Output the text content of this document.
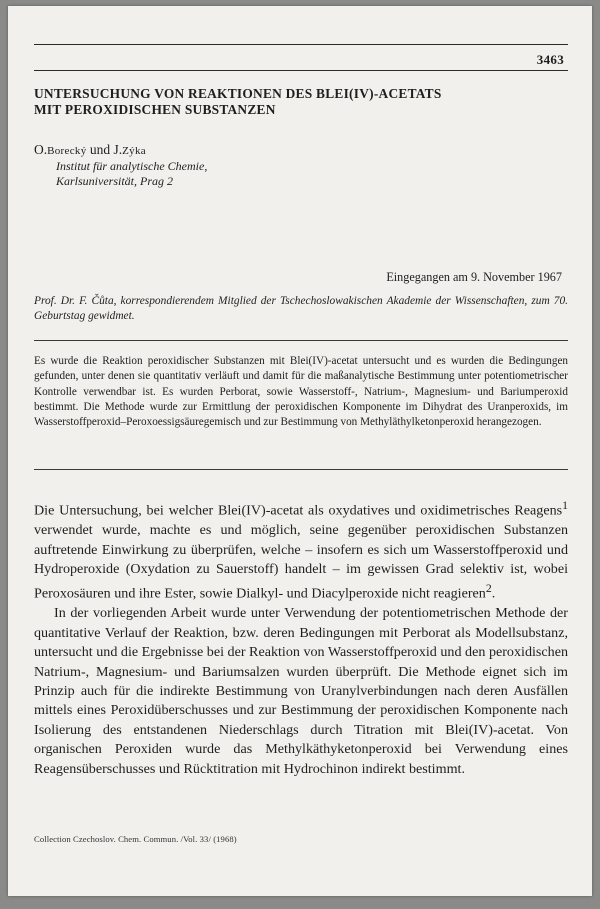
3463
UNTERSUCHUNG VON REAKTIONEN DES BLEI(IV)-ACETATS
MIT PEROXIDISCHEN SUBSTANZEN
O.Borecký und J.Zýka
Institut für analytische Chemie,
Karlsuniversität, Prag 2
Eingegangen am 9. November 1967
Prof. Dr. F. Čůta, korrespondierendem Mitglied der Tschechoslowakischen Akademie der Wissenschaften, zum 70. Geburtstag gewidmet.

Es wurde die Reaktion peroxidischer Substanzen mit Blei(IV)-acetat untersucht und es wurden die Bedingungen gefunden, unter denen sie quantitativ verläuft und damit für die maßanalytische Bestimmung unter potentiometrischer Kontrolle verwendbar ist. Es wurden Perborat, sowie Wasserstoff-, Natrium-, Magnesium- und Bariumperoxid bestimmt. Die Methode wurde zur Ermittlung der peroxidischen Komponente im Dihydrat des Uranperoxids, im Wasserstoffperoxid–Peroxoessigsäuregemisch und zur Bestimmung von Methyläthylketonperoxid herangezogen.

Die Untersuchung, bei welcher Blei(IV)-acetat als oxydatives und oxidimetrisches Reagens$^1$ verwendet wurde, machte es und möglich, seine gegenüber peroxidischen Substanzen auftretende Einwirkung zu überprüfen, welche – insofern es sich um Wasserstoffperoxid und Hydroperoxide (Oxydation zu Sauerstoff) handelt – im gewissen Grad selektiv ist, wobei Peroxosäuren und ihre Ester, sowie Dialkyl- und Diacylperoxide nicht reagieren$^2$.

In der vorliegenden Arbeit wurde unter Verwendung der potentiometrischen Methode der quantitative Verlauf der Reaktion, bzw. deren Bedingungen mit Perborat als Modellsubstanz, untersucht und die Ergebnisse bei der Reaktion von Wasserstoffperoxid und den peroxidischen Natrium-, Magnesium- und Bariumsalzen wurden überprüft. Die Methode eignet sich im Prinzip auch für die indirekte Bestimmung von Uranylverbindungen nach deren Ausfällen mittels eines Peroxidüberschusses und zur Bestimmung der peroxidischen Komponente nach Isolierung des entstandenen Niederschlags durch Titration mit Blei(IV)-acetat. Von organischen Peroxiden wurde das Methylkäthyketonperoxid bei Verwendung eines Reagensüberschusses und Rücktitration mit Hydrochinon indirekt bestimmt.

Collection Czechoslov. Chem. Commun. /Vol. 33/ (1968)
